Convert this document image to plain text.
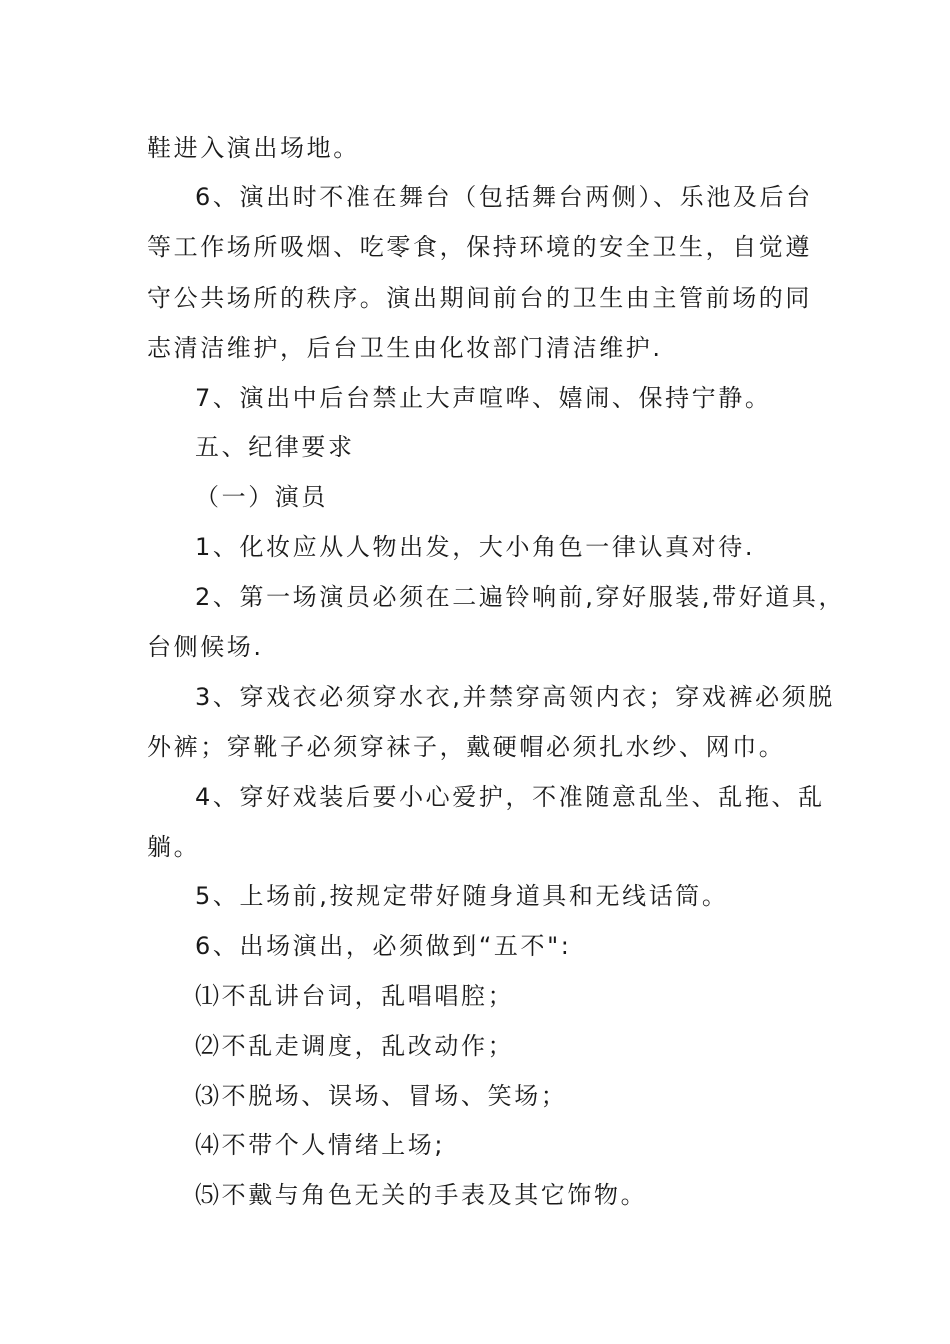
鞋进入演出场地。
6、演出时不准在舞台（包括舞台两侧）、乐池及后台
等工作场所吸烟、吃零食，保持环境的安全卫生，自觉遵
守公共场所的秩序。演出期间前台的卫生由主管前场的同
志清洁维护，后台卫生由化妆部门清洁维护.
7、演出中后台禁止大声喧哗、嬉闹、保持宁静。
五、纪律要求
（一）演员
1、化妆应从人物出发，大小角色一律认真对待.
2、第一场演员必须在二遍铃响前,穿好服装,带好道具，
台侧候场.
3、穿戏衣必须穿水衣,并禁穿高领内衣；穿戏裤必须脱
外裤；穿靴子必须穿袜子，戴硬帽必须扎水纱、网巾。
4、穿好戏装后要小心爱护，不准随意乱坐、乱拖、乱
躺。
5、上场前,按规定带好随身道具和无线话筒。
6、出场演出，必须做到“五不":
⑴不乱讲台词，乱唱唱腔；
⑵不乱走调度，乱改动作；
⑶不脱场、误场、冒场、笑场；
⑷不带个人情绪上场;
⑸不戴与角色无关的手表及其它饰物。
